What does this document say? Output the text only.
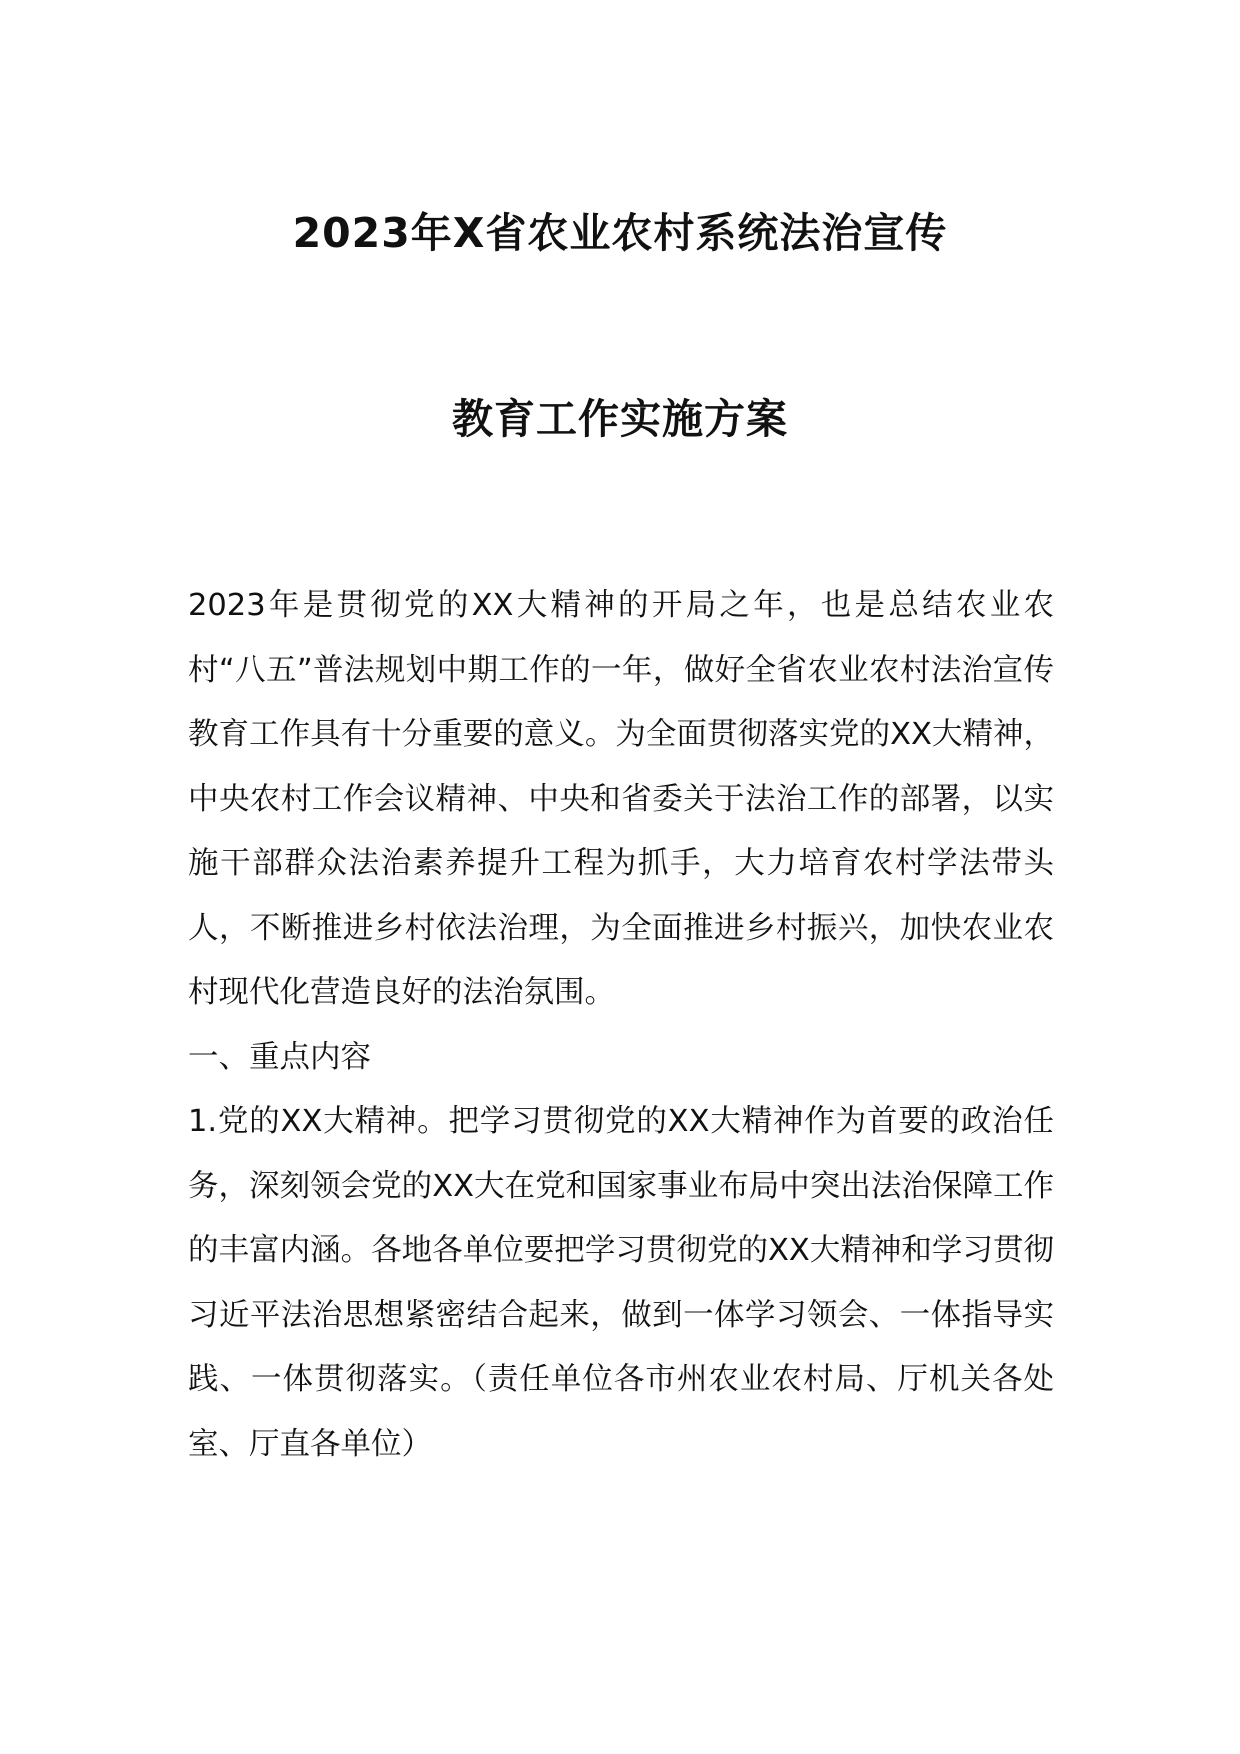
2023年X省农业农村系统法治宣传
教育工作实施方案

2023年是贯彻党的XX大精神的开局之年，也是总结农业农村“八五”普法规划中期工作的一年，做好全省农业农村法治宣传教育工作具有十分重要的意义。为全面贯彻落实党的XX大精神，中央农村工作会议精神、中央和省委关于法治工作的部署，以实施干部群众法治素养提升工程为抓手，大力培育农村学法带头人，不断推进乡村依法治理，为全面推进乡村振兴，加快农业农村现代化营造良好的法治氛围。

一、重点内容

1.党的XX大精神。把学习贯彻党的XX大精神作为首要的政治任务，深刻领会党的XX大在党和国家事业布局中突出法治保障工作的丰富内涵。各地各单位要把学习贯彻党的XX大精神和学习贯彻习近平法治思想紧密结合起来，做到一体学习领会、一体指导实践、一体贯彻落实。（责任单位各市州农业农村局、厅机关各处室、厅直各单位）
